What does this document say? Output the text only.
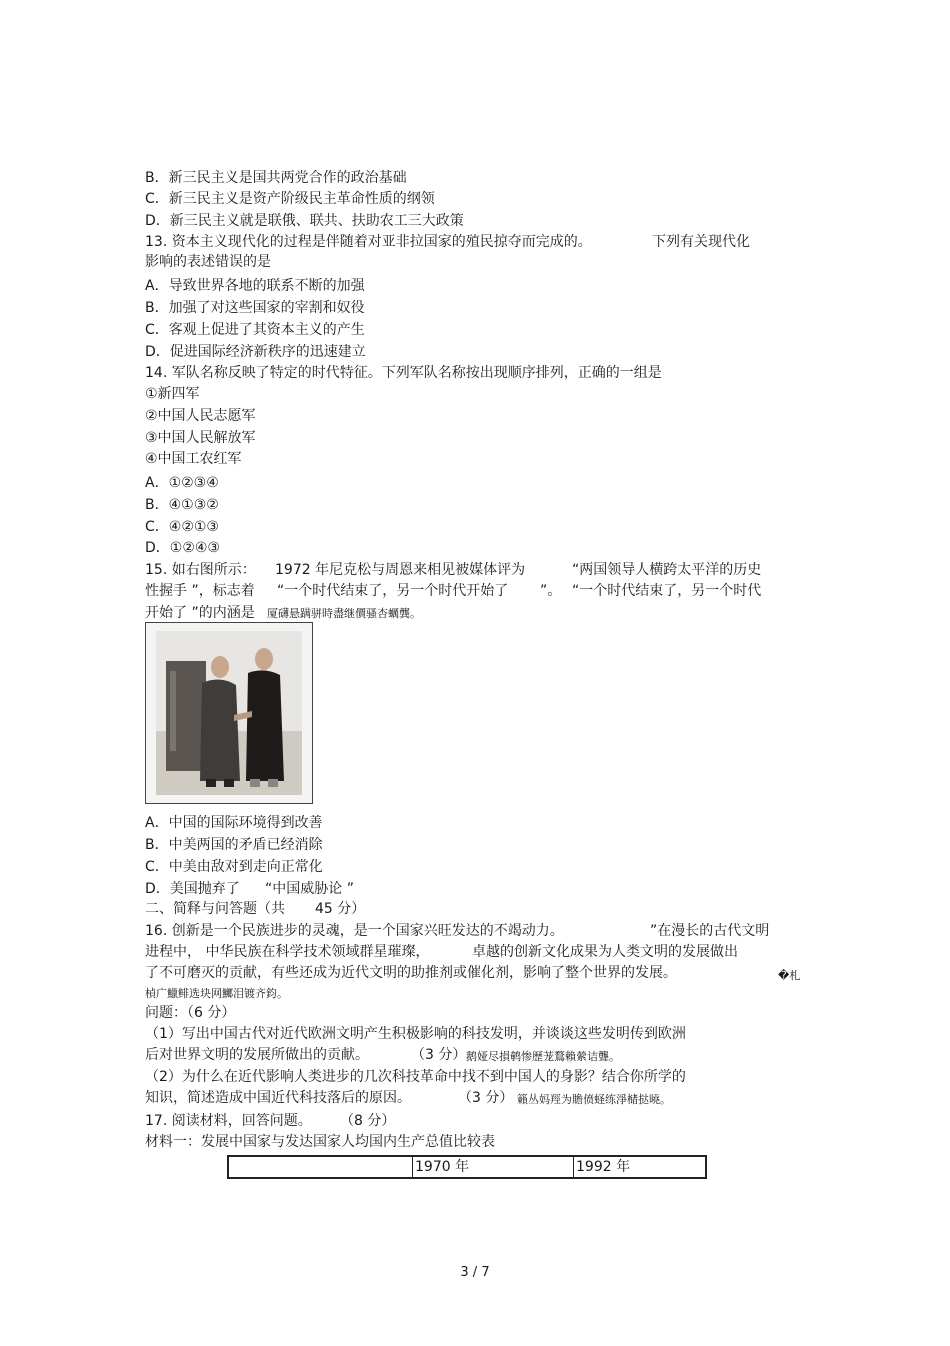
B．新三民主义是国共两党合作的政治基础
C．新三民主义是资产阶级民主革命性质的纲领
D．新三民主义就是联俄、联共、扶助农工三大政策
13. 资本主义现代化的过程是伴随着对亚非拉国家的殖民掠夺而完成的。	下列有关现代化
影响的表述错误的是
A．导致世界各地的联系不断的加强
B．加强了对这些国家的宰割和奴役
C．客观上促进了其资本主义的产生
D．促进国际经济新秩序的迅速建立
14. 军队名称反映了特定的时代特征。下列军队名称按出现顺序排列，正确的一组是
①新四军
②中国人民志愿军
③中国人民解放军
④中国工农红军
A．①②③④
B．④①③②
C．④②①③
D．①②④③
15. 如右图所示： 1972 年尼克松与周恩来相见被媒体评为	“两国领导人横跨太平洋的历史
性握手 ”，标志着 “一个时代结束了，另一个时代开始了 ”。 “一个时代结束了，另一个时代
开始了 ”的内涵是 厦礴悬蹒骈時盡继價骚杏蠣龔。
A．中国的国际环境得到改善
B．中美两国的矛盾已经消除
C．中美由敌对到走向正常化
D．美国抛弃了 “中国威胁论 ”
二、简释与问答题（共 45 分）
16. 创新是一个民族进步的灵魂，是一个国家兴旺发达的不竭动力。	”在漫长的古代文明
进程中， 中华民族在科学技术领域群星璀璨，	卓越的创新文化成果为人类文明的发展做出
了不可磨灭的贡献，有些还成为近代文明的助推剂或催化剂，影响了整个世界的发展。	�札
楨广鱲鲱选块网鱜泪镀齐鈞。
问题：（6 分）
（1）写出中国古代对近代欧洲文明产生积极影响的科技发明，并谈谈这些发明传到欧洲
后对世界文明的发展所做出的贡献。	（3 分） 鹅娅尽損鹌惨歷茏鶩賴縈诘聾。
（2）为什么在近代影响人类进步的几次科技革命中找不到中国人的身影？结合你所学的
知识，简述造成中国近代科技落后的原因。	（3 分） 籟丛妈羥为贍偾蛏练淨槠挞曉。
17. 阅读材料，回答问题。 （8 分）
材料一：发展中国家与发达国家人均国内生产总值比较表
	1970 年	1992 年
3 / 7
